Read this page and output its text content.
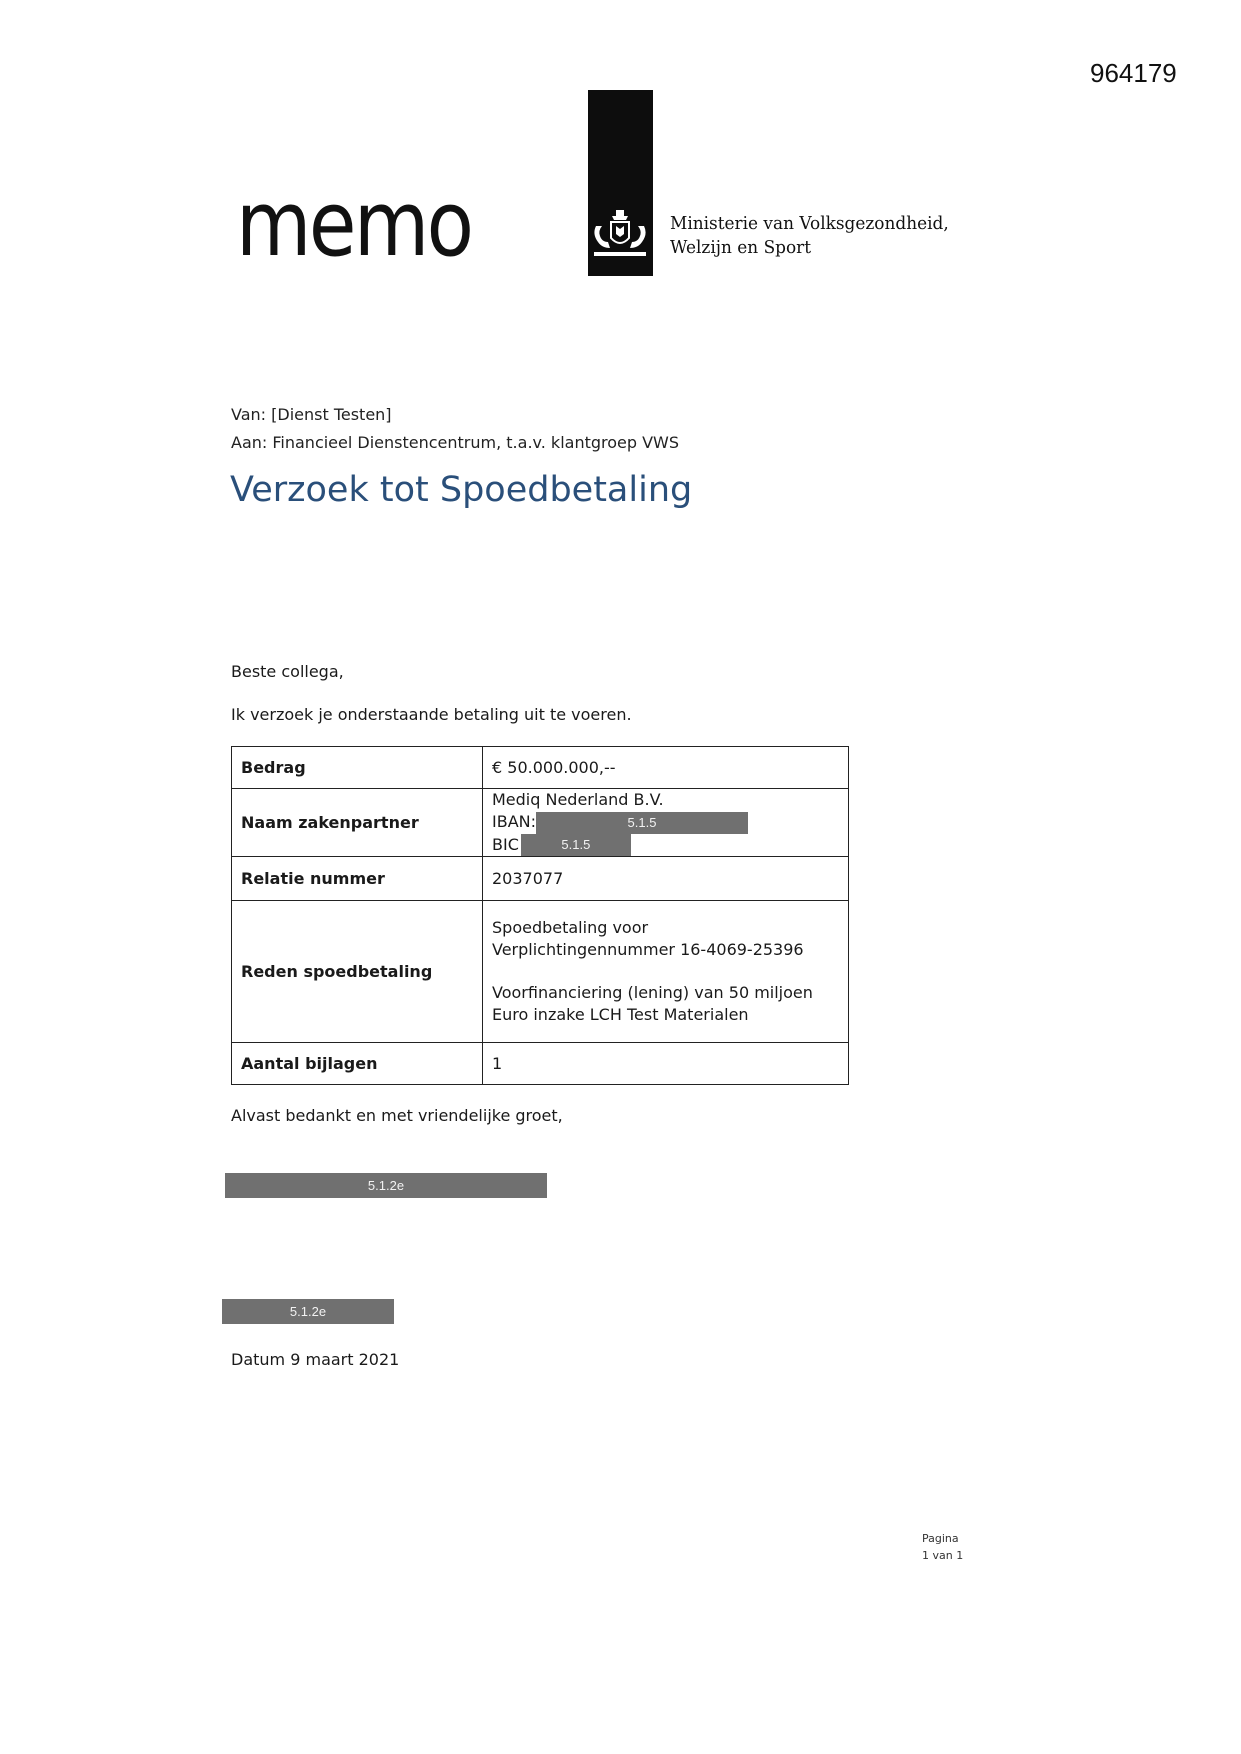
964179
memo	Ministerie van Volksgezondheid,
Welzijn en Sport
Van: [Dienst Testen]
Aan: Financieel Dienstencentrum, t.a.v. klantgroep VWS
Verzoek tot Spoedbetaling
Beste collega,
Ik verzoek je onderstaande betaling uit te voeren.
Bedrag	€ 50.000.000,--
Naam zakenpartner	Mediq Nederland B.V.
IBAN: 5.1.5
BIC 5.1.5

Relatie nummer	2037077
Reden spoedbetaling	Spoedbetaling voor
Verplichtingennummer 16-4069-25396
Voorfinanciering (lening) van 50 miljoen
Euro inzake LCH Test Materialen

Aantal bijlagen	1
Alvast bedankt en met vriendelijke groet,
5.1.2e
5.1.2e
Datum 9 maart 2021
Pagina
1 van 1
